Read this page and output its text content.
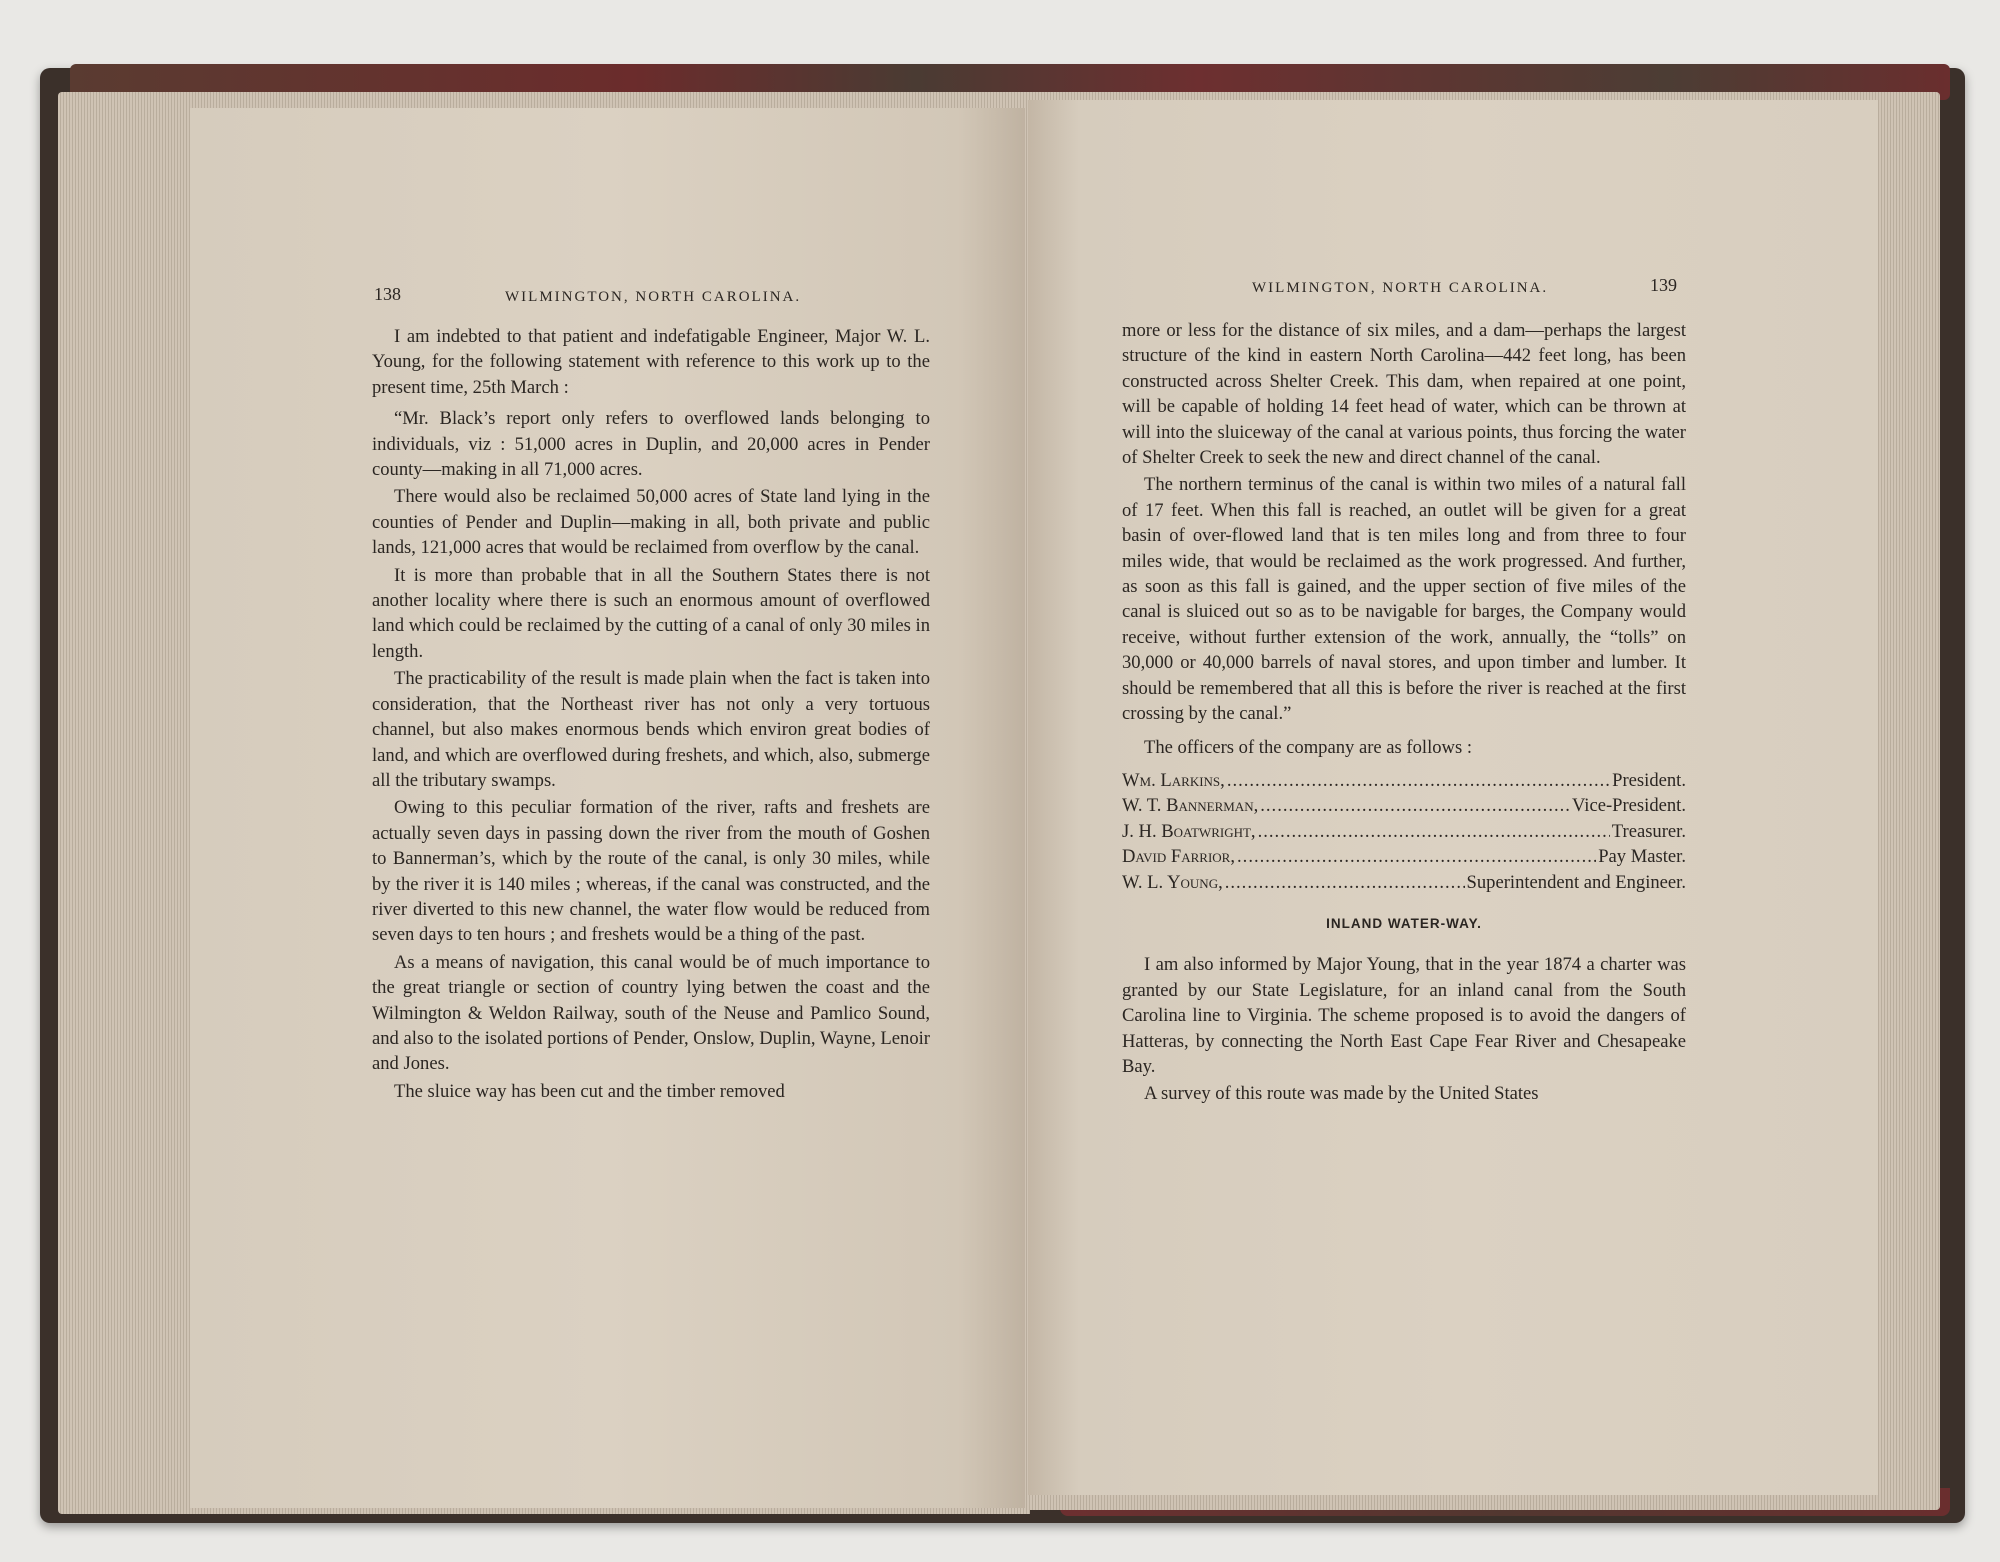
138	WILMINGTON, NORTH CAROLINA.

I am indebted to that patient and indefatigable Engineer, Major W. L. Young, for the following statement with reference to this work up to the present time, 25th March :

“Mr. Black’s report only refers to overflowed lands belonging to individuals, viz : 51,000 acres in Duplin, and 20,000 acres in Pender county—making in all 71,000 acres.

There would also be reclaimed 50,000 acres of State land lying in the counties of Pender and Duplin—making in all, both private and public lands, 121,000 acres that would be reclaimed from overflow by the canal.

It is more than probable that in all the Southern States there is not another locality where there is such an enormous amount of overflowed land which could be reclaimed by the cutting of a canal of only 30 miles in length.

The practicability of the result is made plain when the fact is taken into consideration, that the Northeast river has not only a very tortuous channel, but also makes enormous bends which environ great bodies of land, and which are overflowed during freshets, and which, also, submerge all the tributary swamps.

Owing to this peculiar formation of the river, rafts and freshets are actually seven days in passing down the river from the mouth of Goshen to Bannerman’s, which by the route of the canal, is only 30 miles, while by the river it is 140 miles ; whereas, if the canal was constructed, and the river diverted to this new channel, the water flow would be reduced from seven days to ten hours ; and freshets would be a thing of the past.

As a means of navigation, this canal would be of much importance to the great triangle or section of country lying betwen the coast and the Wilmington & Weldon Railway, south of the Neuse and Pamlico Sound, and also to the isolated portions of Pender, Onslow, Duplin, Wayne, Lenoir and Jones.

The sluice way has been cut and the timber removed

WILMINGTON, NORTH CAROLINA.	139

more or less for the distance of six miles, and a dam—perhaps the largest structure of the kind in eastern North Carolina—442 feet long, has been constructed across Shelter Creek. This dam, when repaired at one point, will be capable of holding 14 feet head of water, which can be thrown at will into the sluiceway of the canal at various points, thus forcing the water of Shelter Creek to seek the new and direct channel of the canal.

The northern terminus of the canal is within two miles of a natural fall of 17 feet. When this fall is reached, an outlet will be given for a great basin of over-flowed land that is ten miles long and from three to four miles wide, that would be reclaimed as the work progressed. And further, as soon as this fall is gained, and the upper section of five miles of the canal is sluiced out so as to be navigable for barges, the Company would receive, without further extension of the work, annually, the “tolls” on 30,000 or 40,000 barrels of naval stores, and upon timber and lumber. It should be remembered that all this is before the river is reached at the first crossing by the canal.”

The officers of the company are as follows :

Wm. Larkins, .....	President.
W. T. Bannerman, .....	Vice-President.
J. H. Boatwright, .....	Treasurer.
David Farrior, .....	Pay Master.
W. L. Young, .....	Superintendent and Engineer.
INLAND WATER-WAY.

I am also informed by Major Young, that in the year 1874 a charter was granted by our State Legislature, for an inland canal from the South Carolina line to Virginia. The scheme proposed is to avoid the dangers of Hatteras, by connecting the North East Cape Fear River and Chesapeake Bay.

A survey of this route was made by the United States
